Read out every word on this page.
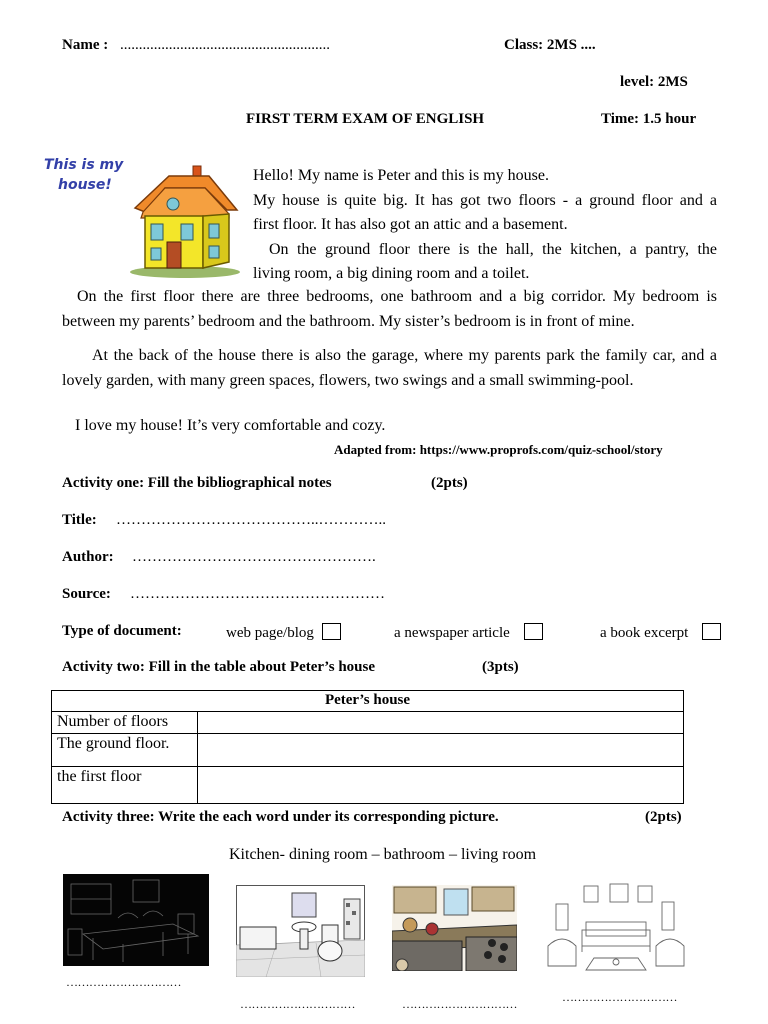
Name : ........................................................	Class: 2MS ....
level: 2MS
FIRST TERM EXAM OF ENGLISH	Time: 1.5 hour
This is my
house!
Hello! My name is Peter and this is my house.
My house is quite big. It has got two floors - a ground floor and a
first floor. It has also got an attic and a basement.
On the ground floor there is the hall, the kitchen, a pantry, the
living room, a big dining room and a toilet.
On the first floor there are three bedrooms, one bathroom and a big corridor. My bedroom is between my parents’ bedroom and the bathroom. My sister’s bedroom is in front of mine.
At the back of the house there is also the garage, where my parents park the family car, and a lovely garden, with many green spaces, flowers, two swings and a small swimming-pool.
I love my house! It’s very comfortable and cozy.
Adapted from: https://www.proprofs.com/quiz-school/story
Activity one: Fill the bibliographical notes	(2pts)
Title: …………………………………..…………..
Author: ………………………………………….
Source: ……………………………………………
Type of document:	web page/blog	a newspaper article	a book excerpt
Activity two: Fill in the table about Peter’s house	(3pts)
Peter’s house	
Number of floors	
The ground floor.	
the first floor	
Activity three: Write the each word under its corresponding picture.	(2pts)
Kitchen- dining room – bathroom – living room
…………………………
…………………………	…………………………	…………………………
